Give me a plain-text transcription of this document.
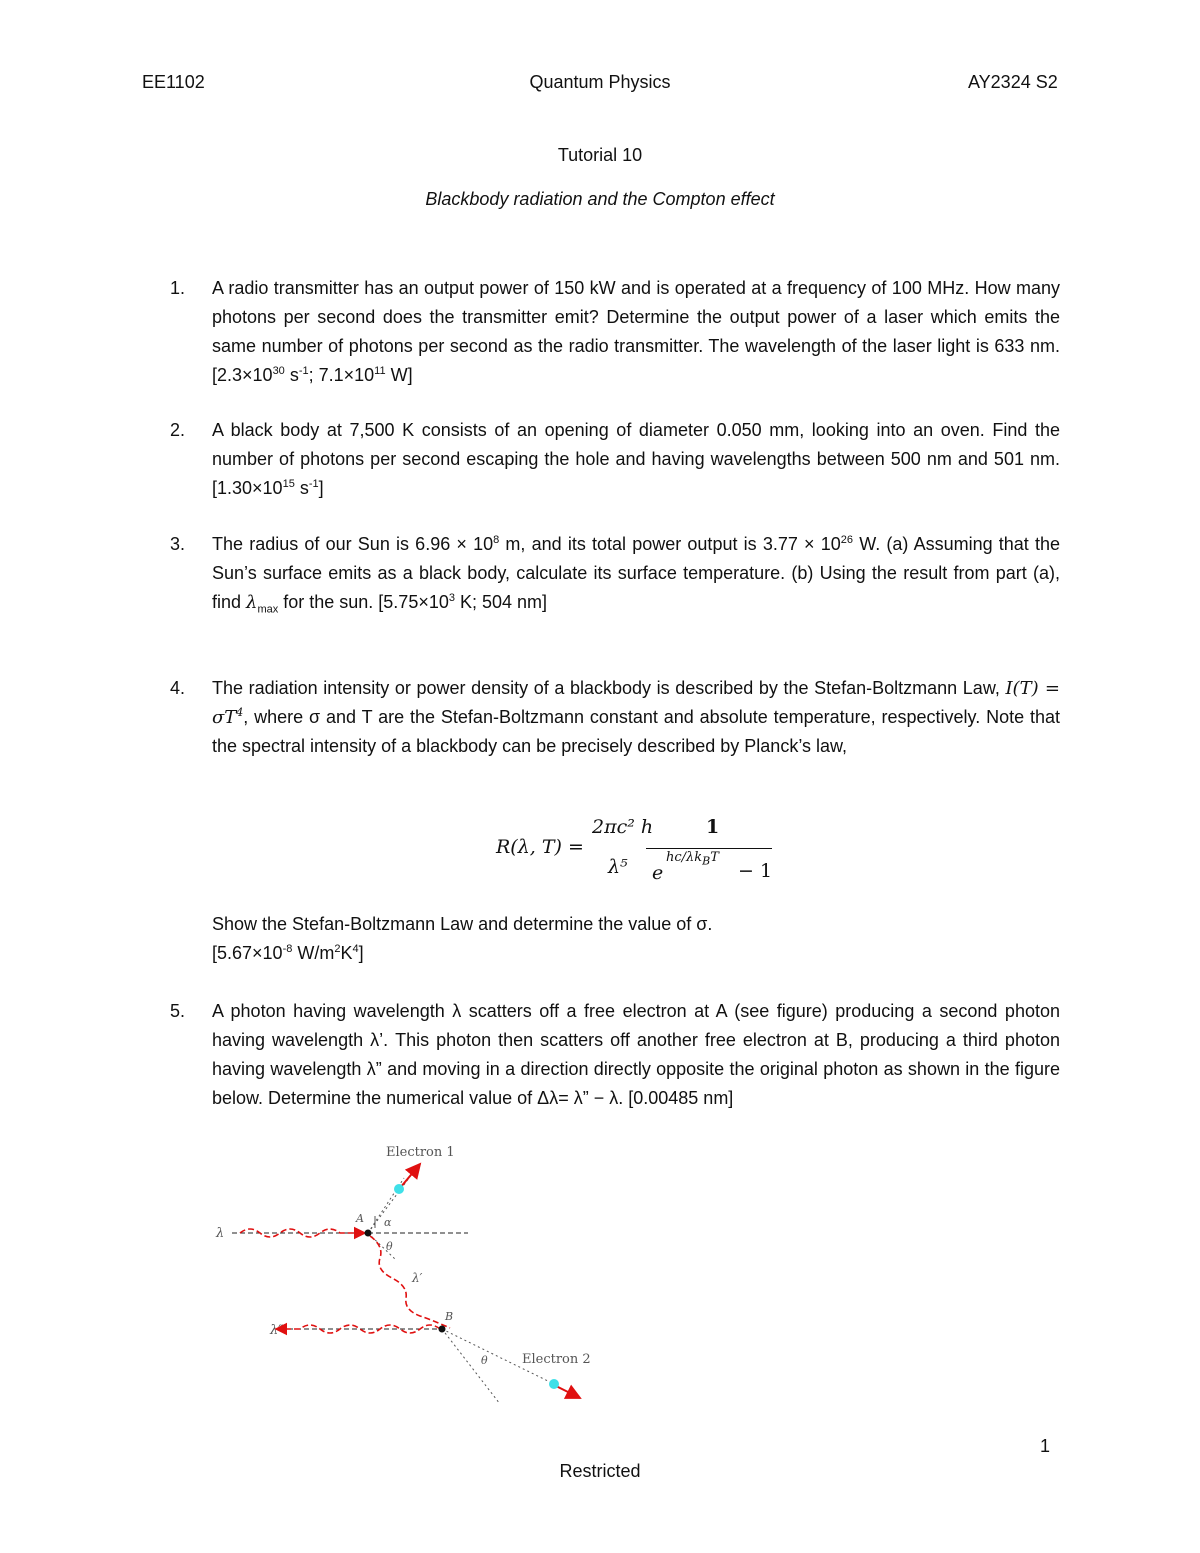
EE1102	Quantum Physics	AY2324 S2
Tutorial 10
Blackbody radiation and the Compton effect
1. A radio transmitter has an output power of 150 kW and is operated at a frequency of 100 MHz. How many photons per second does the transmitter emit? Determine the output power of a laser which emits the same number of photons per second as the radio transmitter. The wavelength of the laser light is 633 nm. [$2.3\times 10^{30}$ $s^{-1}$; $7.1\times 10^{11}$ W]
2. A black body at 7,500 K consists of an opening of diameter 0.050 mm, looking into an oven. Find the number of photons per second escaping the hole and having wavelengths between 500 nm and 501 nm. [$1.30\times 10^{15}$ $s^{-1}$]
3. The radius of our Sun is $6.96 \times 10^8$ m, and its total power output is $3.77 \times 10^{26}$ W. (a) Assuming that the Sun’s surface emits as a black body, calculate its surface temperature. (b) Using the result from part (a), find $\lambda_{max}$ for the sun. [$5.75\times 10^3$ K; 504 nm]
4. The radiation intensity or power density of a blackbody is described by the Stefan-Boltzmann Law, $I(T) = \sigma T^4$, where σ and T are the Stefan-Boltzmann constant and absolute temperature, respectively. Note that the spectral intensity of a blackbody can be precisely described by Planck’s law,
R(λ, T) =
2πc² h
λ⁵
1
e
$hc/\lambda k_BT$
− 1

Show the Stefan-Boltzmann Law and determine the value of σ.

[$5.67\times 10^{-8}$ $W/m^2K^4$]

5. A photon having wavelength λ scatters off a free electron at A (see figure) producing a second photon having wavelength λ’. This photon then scatters off another free electron at B, producing a third photon having wavelength λ” and moving in a direction directly opposite the original photon as shown in the figure below. Determine the numerical value of Δλ= λ” − λ. [0.00485 nm]
Electron 1
Electron 2
λ
λ′
λ″
A
B
θ
α
θ
1
Restricted
